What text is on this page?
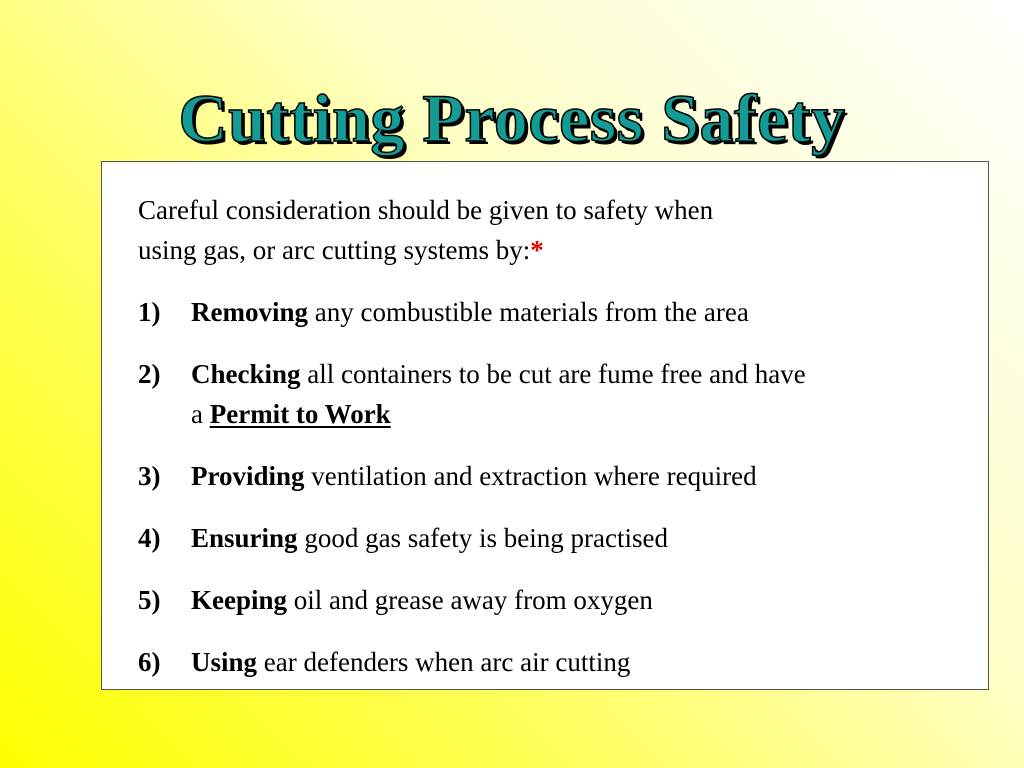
Cutting Process Safety
Careful consideration should be given to safety when
using gas, or arc cutting systems by:*
1) Removing any combustible materials from the area
2) Checking all containers to be cut are fume free and have
a Permit to Work
3) Providing ventilation and extraction where required
4) Ensuring good gas safety is being practised
5) Keeping oil and grease away from oxygen
6) Using ear defenders when arc air cutting
